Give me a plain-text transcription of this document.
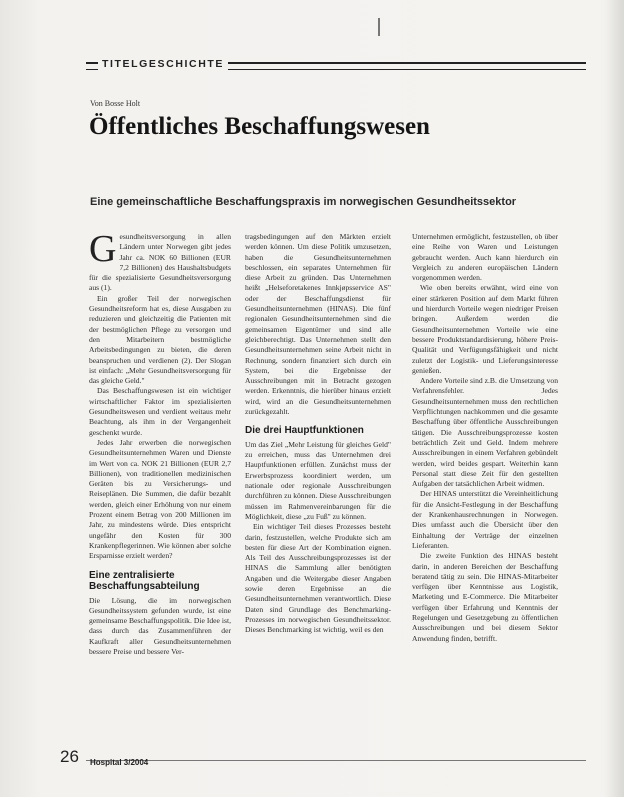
TITELGESCHICHTE
Von Bosse Holt
Öffentliches Beschaffungswesen
Eine gemeinschaftliche Beschaffungspraxis im norwegischen Gesundheitssektor

Gesundheitsversorgung in allen Ländern unter Norwegen gibt jedes Jahr ca. NOK 60 Billionen (EUR 7,2 Billionen) des Haushaltsbudgets für die spezialisierte Gesundheitsversorgung aus (1).

Ein großer Teil der norwegischen Gesundheitsreform hat es, diese Ausgaben zu reduzieren und gleichzeitig die Patienten mit der bestmöglichen Pflege zu versorgen und den Mitarbeitern bestmögliche Arbeitsbedingungen zu bieten, die deren beanspruchen und verdienen (2). Der Slogan ist einfach: „Mehr Gesundheitsversorgung für das gleiche Geld."

Das Beschaffungswesen ist ein wichtiger wirtschaftlicher Faktor im spezialisierten Gesundheitswesen und verdient weitaus mehr Beachtung, als ihm in der Vergangenheit geschenkt wurde.

Jedes Jahr erwerben die norwegischen Gesundheitsunternehmen Waren und Dienste im Wert von ca. NOK 21 Billionen (EUR 2,7 Billionen), von traditionellen medizinischen Geräten bis zu Versicherungs- und Reiseplänen. Die Summen, die dafür bezahlt werden, gleich einer Erhöhung von nur einem Prozent einem Betrag von 200 Millionen im Jahr, zu mindestens würde. Dies entspricht ungefähr den Kosten für 300 Krankenpflegerinnen. Wie können aber solche Ersparnisse erzielt werden?

Eine zentralisierte Beschaffungsabteilung

Die Lösung, die im norwegischen Gesundheitssystem gefunden wurde, ist eine gemeinsame Beschaffungspolitik. Die Idee ist, dass durch das Zusammenführen der Kaufkraft aller Gesundheitsunternehmen bessere Preise und bessere Ver-

tragsbedingungen auf den Märkten erzielt werden können. Um diese Politik umzusetzen, haben die Gesundheitsunternehmen beschlossen, ein separates Unternehmen für diese Arbeit zu gründen. Das Unternehmen heißt „Helseforetakenes Innkjøpsservice AS" oder der Beschaffungsdienst für Gesundheitsunternehmen (HINAS). Die fünf regionalen Gesundheitsunternehmen sind die gemeinsamen Eigentümer und sind alle gleichberechtigt. Das Unternehmen stellt den Gesundheitsunternehmen seine Arbeit nicht in Rechnung, sondern finanziert sich durch ein System, bei die Ergebnisse der Ausschreibungen mit in Betracht gezogen werden. Erkenntnis, die hierüber hinaus erzielt wird, wird an die Gesundheitsunternehmen zurückgezahlt.

Die drei Hauptfunktionen

Um das Ziel „Mehr Leistung für gleiches Geld" zu erreichen, muss das Unternehmen drei Hauptfunktionen erfüllen. Zunächst muss der Erwerbsprozess koordiniert werden, um nationale oder regionale Ausschreibungen durchführen zu können. Diese Ausschreibungen müssen im Rahmenvereinbarungen für die Möglichkeit, diese „zu Fuß" zu können.

Ein wichtiger Teil dieses Prozesses besteht darin, festzustellen, welche Produkte sich am besten für diese Art der Kombination eignen. Als Teil des Ausschreibungsprozesses ist der HINAS die Sammlung aller benötigten Angaben und die Weitergabe dieser Angaben sowie deren Ergebnisse an die Gesundheitsunternehmen verantwortlich. Diese Daten sind Grundlage des Benchmarking-Prozesses im norwegischen Gesundheitssektor. Dieses Benchmarking ist wichtig, weil es den

Unternehmen ermöglicht, festzustellen, ob über eine Reihe von Waren und Leistungen gebraucht werden. Auch kann hierdurch ein Vergleich zu anderen europäischen Ländern vorgenommen werden.

Wie oben bereits erwähnt, wird eine von einer stärkeren Position auf dem Markt führen und hierdurch Vorteile wegen niedriger Preisen bringen. Außerdem werden die Gesundheitsunternehmen Vorteile wie eine bessere Produktstandardisierung, höhere Preis-Qualität und Verfügungsfähigkeit und nicht zuletzt der Logistik- und Lieferungsinteresse genießen.

Andere Vorteile sind z.B. die Umsetzung von Verfahrensfehler. Jedes Gesundheitsunternehmen muss den rechtlichen Verpflichtungen nachkommen und die gesamte Beschaffung über öffentliche Ausschreibungen tätigen. Die Ausschreibungsprozesse kosten beträchtlich Zeit und Geld. Indem mehrere Ausschreibungen in einem Verfahren gebündelt werden, wird beides gespart. Weiterhin kann Personal statt diese Zeit für den gestellten Aufgaben der tatsächlichen Arbeit widmen.

Der HINAS unterstützt die Vereinheitlichung für die Ansicht-Festlegung in der Beschaffung der Krankenhausrechnungen in Norwegen. Dies umfasst auch die Übersicht über den Einhaltung der Verträge der einzelnen Lieferanten.

Die zweite Funktion des HINAS besteht darin, in anderen Bereichen der Beschaffung beratend tätig zu sein. Die HINAS-Mitarbeiter verfügen über Kenntnisse aus Logistik, Marketing und E-Commerce. Die Mitarbeiter verfügen über Erfahrung und Kenntnis der Regelungen und Gesetzgebung zu öffentlichen Ausschreibungen und bei diesem Sektor Anwendung finden, betrifft.

26 Hospital 3/2004
